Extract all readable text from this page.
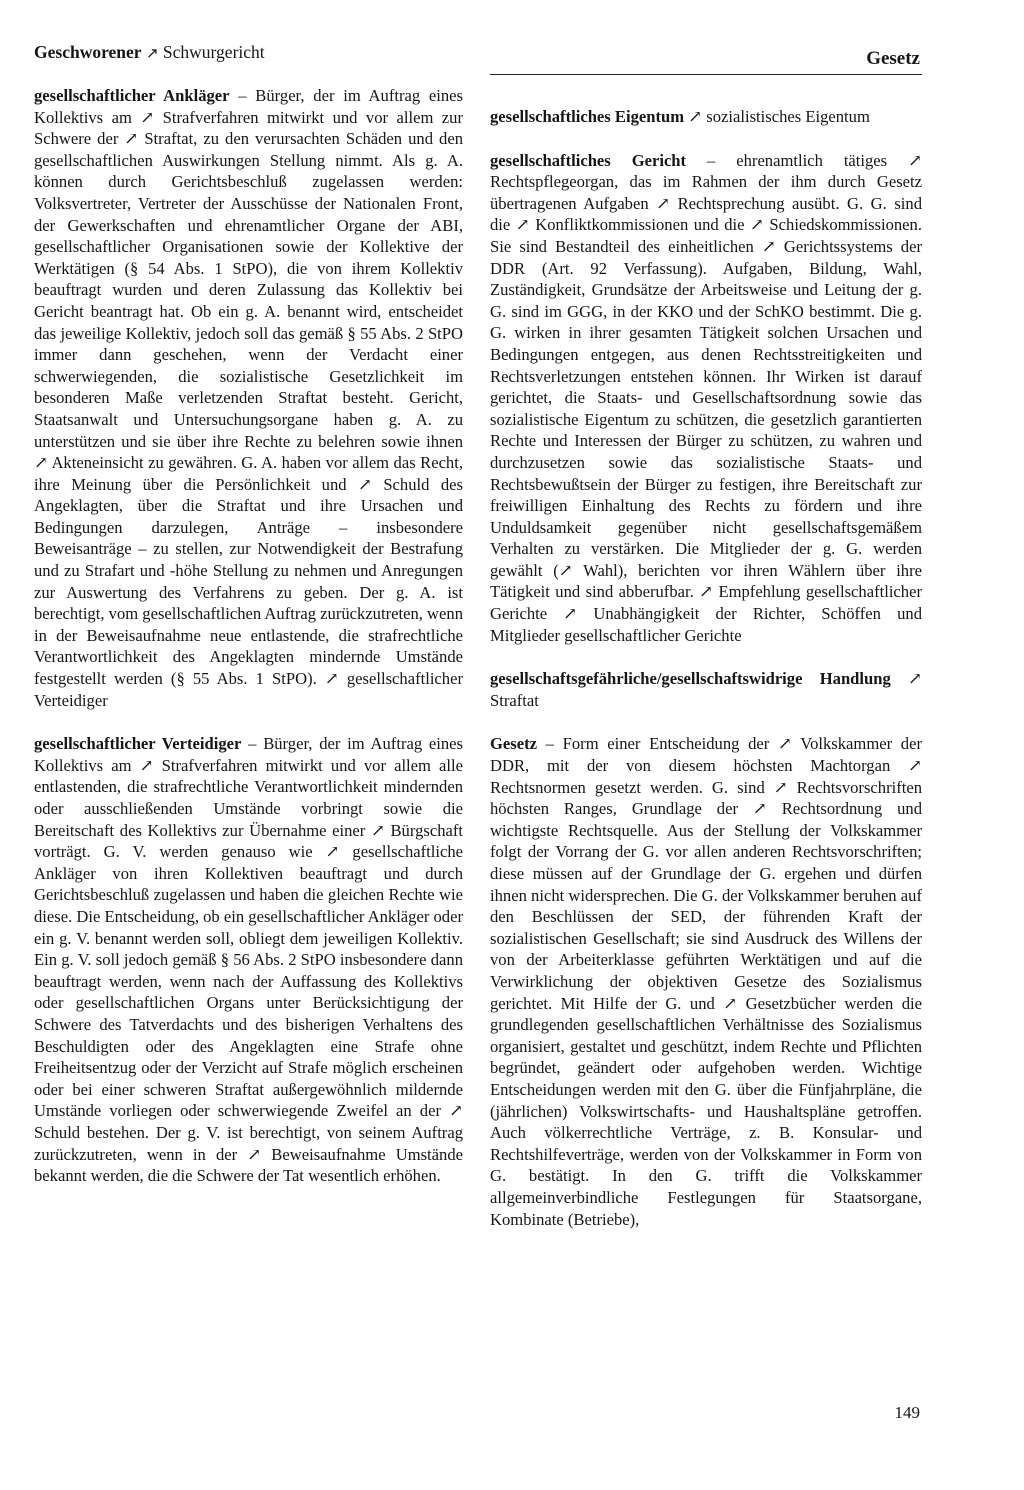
Geschworener ↗ Schwurgericht	Gesetz

gesellschaftlicher Ankläger – Bürger, der im Auftrag eines Kollektivs am ↗ Strafverfahren mitwirkt und vor allem zur Schwere der ↗ Straftat, zu den verursachten Schäden und den gesellschaftlichen Auswirkungen Stellung nimmt. Als g. A. können durch Gerichtsbeschluß zugelassen werden: Volksvertreter, Vertreter der Ausschüsse der Nationalen Front, der Gewerkschaften und ehrenamtlicher Organe der ABI, gesellschaftlicher Organisationen sowie der Kollektive der Werktätigen (§ 54 Abs. 1 StPO), die von ihrem Kollektiv beauftragt wurden und deren Zulassung das Kollektiv bei Gericht beantragt hat. Ob ein g. A. benannt wird, entscheidet das jeweilige Kollektiv, jedoch soll das gemäß § 55 Abs. 2 StPO immer dann geschehen, wenn der Verdacht einer schwerwiegenden, die sozialistische Gesetzlichkeit im besonderen Maße verletzenden Straftat besteht. Gericht, Staatsanwalt und Untersuchungsorgane haben g. A. zu unterstützen und sie über ihre Rechte zu belehren sowie ihnen ↗ Akteneinsicht zu gewähren. G. A. haben vor allem das Recht, ihre Meinung über die Persönlichkeit und ↗ Schuld des Angeklagten, über die Straftat und ihre Ursachen und Bedingungen darzulegen, Anträge – insbesondere Beweisanträge – zu stellen, zur Notwendigkeit der Bestrafung und zu Strafart und -höhe Stellung zu nehmen und Anregungen zur Auswertung des Verfahrens zu geben. Der g. A. ist berechtigt, vom gesellschaftlichen Auftrag zurückzutreten, wenn in der Beweisaufnahme neue entlastende, die strafrechtliche Verantwortlichkeit des Angeklagten mindernde Umstände festgestellt werden (§ 55 Abs. 1 StPO). ↗ gesellschaftlicher Verteidiger

gesellschaftlicher Verteidiger – Bürger, der im Auftrag eines Kollektivs am ↗ Strafverfahren mitwirkt und vor allem alle entlastenden, die strafrechtliche Verantwortlichkeit mindernden oder ausschließenden Umstände vorbringt sowie die Bereitschaft des Kollektivs zur Übernahme einer ↗ Bürgschaft vorträgt. G. V. werden genauso wie ↗ gesellschaftliche Ankläger von ihren Kollektiven beauftragt und durch Gerichtsbeschluß zugelassen und haben die gleichen Rechte wie diese. Die Entscheidung, ob ein gesellschaftlicher Ankläger oder ein g. V. benannt werden soll, obliegt dem jeweiligen Kollektiv. Ein g. V. soll jedoch gemäß § 56 Abs. 2 StPO insbesondere dann beauftragt werden, wenn nach der Auffassung des Kollektivs oder gesellschaftlichen Organs unter Berücksichtigung der Schwere des Tatverdachts und des bisherigen Verhaltens des Beschuldigten oder des Angeklagten eine Strafe ohne Freiheitsentzug oder der Verzicht auf Strafe möglich erscheinen oder bei einer schweren Straftat außergewöhnlich mildernde Umstände vorliegen oder schwerwiegende Zweifel an der ↗ Schuld bestehen. Der g. V. ist berechtigt, von seinem Auftrag zurückzutreten, wenn in der ↗ Beweisaufnahme Umstände bekannt werden, die die Schwere der Tat wesentlich erhöhen.

gesellschaftliches Eigentum ↗ sozialistisches Eigentum

gesellschaftliches Gericht – ehrenamtlich tätiges ↗ Rechtspflegeorgan, das im Rahmen der ihm durch Gesetz übertragenen Aufgaben ↗ Rechtsprechung ausübt. G. G. sind die ↗ Konfliktkommissionen und die ↗ Schiedskommissionen. Sie sind Bestandteil des einheitlichen ↗ Gerichtssystems der DDR (Art. 92 Verfassung). Aufgaben, Bildung, Wahl, Zuständigkeit, Grundsätze der Arbeitsweise und Leitung der g. G. sind im GGG, in der KKO und der SchKO bestimmt. Die g. G. wirken in ihrer gesamten Tätigkeit solchen Ursachen und Bedingungen entgegen, aus denen Rechtsstreitigkeiten und Rechtsverletzungen entstehen können. Ihr Wirken ist darauf gerichtet, die Staats- und Gesellschaftsordnung sowie das sozialistische Eigentum zu schützen, die gesetzlich garantierten Rechte und Interessen der Bürger zu schützen, zu wahren und durchzusetzen sowie das sozialistische Staats- und Rechtsbewußtsein der Bürger zu festigen, ihre Bereitschaft zur freiwilligen Einhaltung des Rechts zu fördern und ihre Unduldsamkeit gegenüber nicht gesellschaftsgemäßem Verhalten zu verstärken. Die Mitglieder der g. G. werden gewählt (↗ Wahl), berichten vor ihren Wählern über ihre Tätigkeit und sind abberufbar. ↗ Empfehlung gesellschaftlicher Gerichte ↗ Unabhängigkeit der Richter, Schöffen und Mitglieder gesellschaftlicher Gerichte

gesellschaftsgefährliche/gesellschaftswidrige Handlung ↗ Straftat

Gesetz – Form einer Entscheidung der ↗ Volkskammer der DDR, mit der von diesem höchsten Machtorgan ↗ Rechtsnormen gesetzt werden. G. sind ↗ Rechtsvorschriften höchsten Ranges, Grundlage der ↗ Rechtsordnung und wichtigste Rechtsquelle. Aus der Stellung der Volkskammer folgt der Vorrang der G. vor allen anderen Rechtsvorschriften; diese müssen auf der Grundlage der G. ergehen und dürfen ihnen nicht widersprechen. Die G. der Volkskammer beruhen auf den Beschlüssen der SED, der führenden Kraft der sozialistischen Gesellschaft; sie sind Ausdruck des Willens der von der Arbeiterklasse geführten Werktätigen und auf die Verwirklichung der objektiven Gesetze des Sozialismus gerichtet. Mit Hilfe der G. und ↗ Gesetzbücher werden die grundlegenden gesellschaftlichen Verhältnisse des Sozialismus organisiert, gestaltet und geschützt, indem Rechte und Pflichten begründet, geändert oder aufgehoben werden. Wichtige Entscheidungen werden mit den G. über die Fünfjahrpläne, die (jährlichen) Volkswirtschafts- und Haushaltspläne getroffen. Auch völkerrechtliche Verträge, z. B. Konsular- und Rechtshilfeverträge, werden von der Volkskammer in Form von G. bestätigt. In den G. trifft die Volkskammer allgemeinverbindliche Festlegungen für Staatsorgane, Kombinate (Betriebe),

149
